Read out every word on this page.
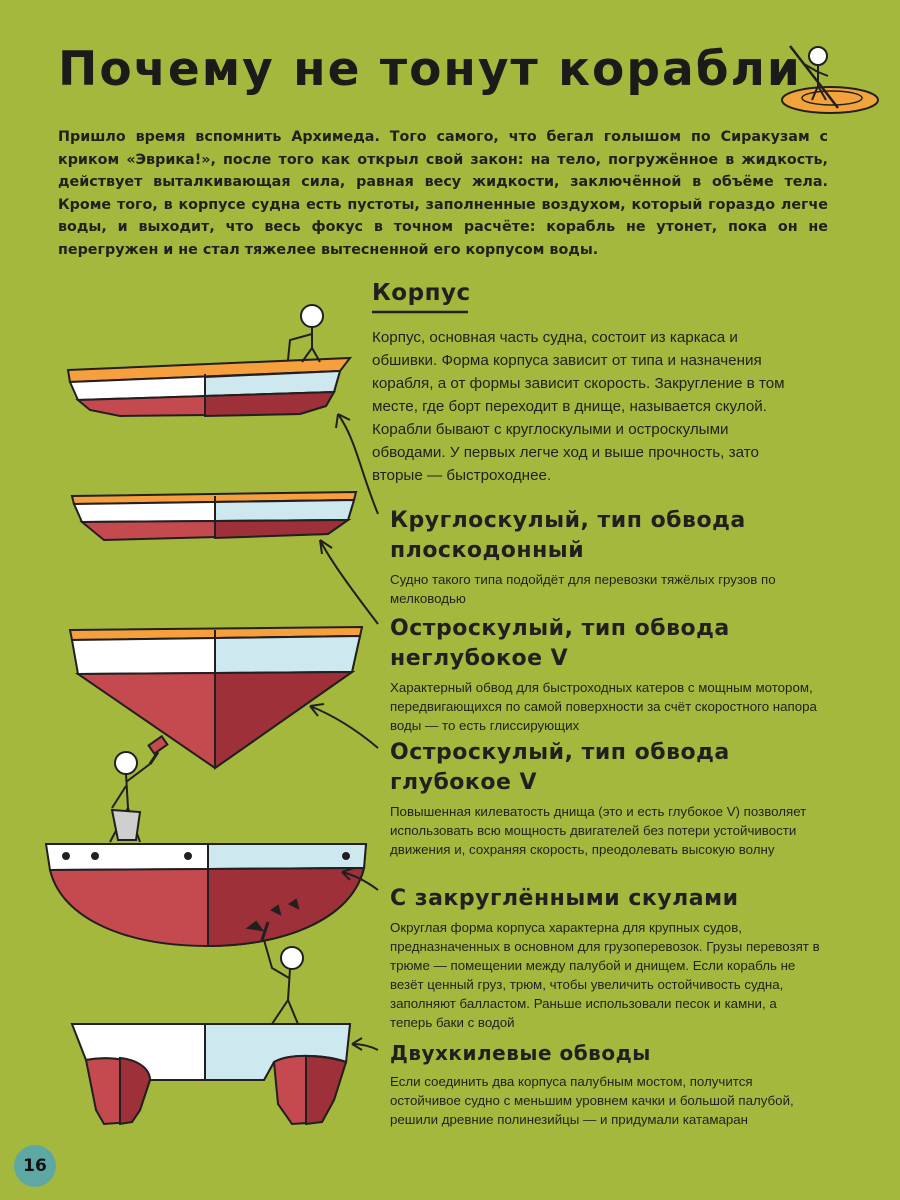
Почему не тонут корабли

Пришло время вспомнить Архимеда. Того самого, что бегал голышом по Сиракузам с криком «Эврика!», после того как открыл свой закон: на тело, погружённое в жидкость, действует выталкивающая сила, равная весу жидкости, заключённой в объёме тела. Кроме того, в корпусе судна есть пустоты, заполненные воздухом, который гораздо легче воды, и выходит, что весь фокус в точном расчёте: корабль не утонет, пока он не перегружен и не стал тяжелее вытесненной его корпусом воды.

Корпус

Корпус, основная часть судна, состоит из каркаса и обшивки. Форма корпуса зависит от типа и назначения корабля, а от формы зависит скорость. Закругление в том месте, где борт переходит в днище, называется скулой. Корабли бывают с круглоскулыми и остроскулыми обводами. У первых легче ход и выше прочность, зато вторые — быстроходнее.

Круглоскулый, тип обвода
плоскодонный

Судно такого типа подойдёт для перевозки тяжёлых грузов по мелководью

Остроскулый, тип обвода
неглубокое V

Характерный обвод для быстроходных катеров с мощным мотором, передвигающихся по самой поверхности за счёт скоростного напора воды — то есть глиссирующих

Остроскулый, тип обвода
глубокое V

Повышенная килеватость днища (это и есть глубокое V) позволяет использовать всю мощность двигателей без потери устойчивости движения и, сохраняя скорость, преодолевать высокую волну

С закруглёнными скулами

Округлая форма корпуса характерна для крупных судов, предназначенных в основном для грузоперевозок. Грузы перевозят в трюме — помещении между палубой и днищем. Если корабль не везёт ценный груз, трюм, чтобы увеличить остойчивость судна, заполняют балластом. Раньше использовали песок и камни, а теперь баки с водой

Двухкилевые обводы

Если соединить два корпуса палубным мостом, получится остойчивое судно с меньшим уровнем качки и большой палубой, решили древние полинезийцы — и придумали катамаран

16
